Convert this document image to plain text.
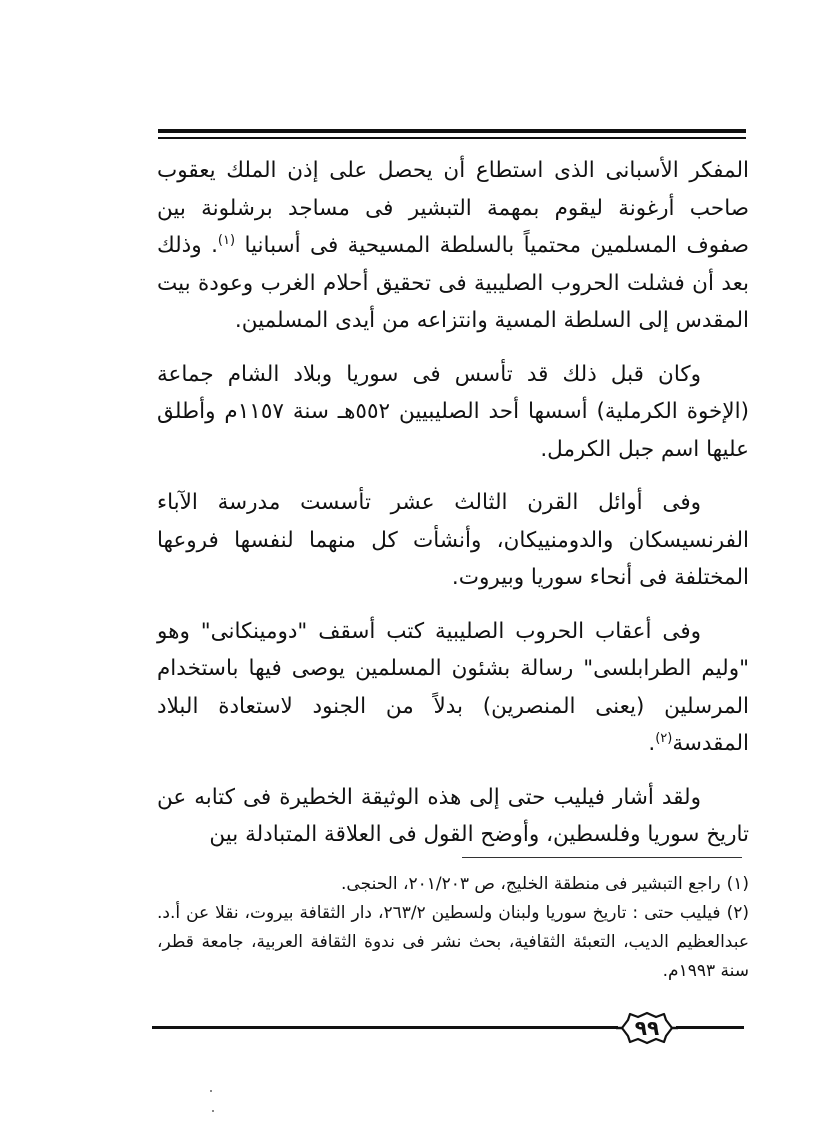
المفكر الأسبانى الذى استطاع أن يحصل على إذن الملك يعقوب صاحب أرغونة ليقوم بمهمة التبشير فى مساجد برشلونة بين صفوف المسلمين محتمياً بالسلطة المسيحية فى أسبانيا $^{(١)}$. وذلك بعد أن فشلت الحروب الصليبية فى تحقيق أحلام الغرب وعودة بيت المقدس إلى السلطة المسية وانتزاعه من أيدى المسلمين.

وكان قبل ذلك قد تأسس فى سوريا وبلاد الشام جماعة (الإخوة الكرملية) أسسها أحد الصليبيين ٥٥٢هـ سنة ١١٥٧م وأطلق عليها اسم جبل الكرمل.

وفى أوائل القرن الثالث عشر تأسست مدرسة الآباء الفرنسيسكان والدومنييكان، وأنشأت كل منهما لنفسها فروعها المختلفة فى أنحاء سوريا وبيروت.

وفى أعقاب الحروب الصليبية كتب أسقف "دومينكانى" وهو "وليم الطرابلسى" رسالة بشئون المسلمين يوصى فيها باستخدام المرسلين (يعنى المنصرين) بدلاً من الجنود لاستعادة البلاد المقدسة$^{(٢)}$.

ولقد أشار فيليب حتى إلى هذه الوثيقة الخطيرة فى كتابه عن تاريخ سوريا وفلسطين، وأوضح القول فى العلاقة المتبادلة بين

(١)راجع التبشير فى منطقة الخليج، ص ٢٠١/٢٠٣، الحنجى.

(٢)فيليب حتى : تاريخ سوريا ولبنان ولسطين ٢٦٣/٢، دار الثقافة بيروت، نقلا عن أ.د. عبدالعظيم الديب، التعبئة الثقافية، بحث نشر فى ندوة الثقافة العربية، جامعة قطر، سنة ١٩٩٣م.

٩٩
